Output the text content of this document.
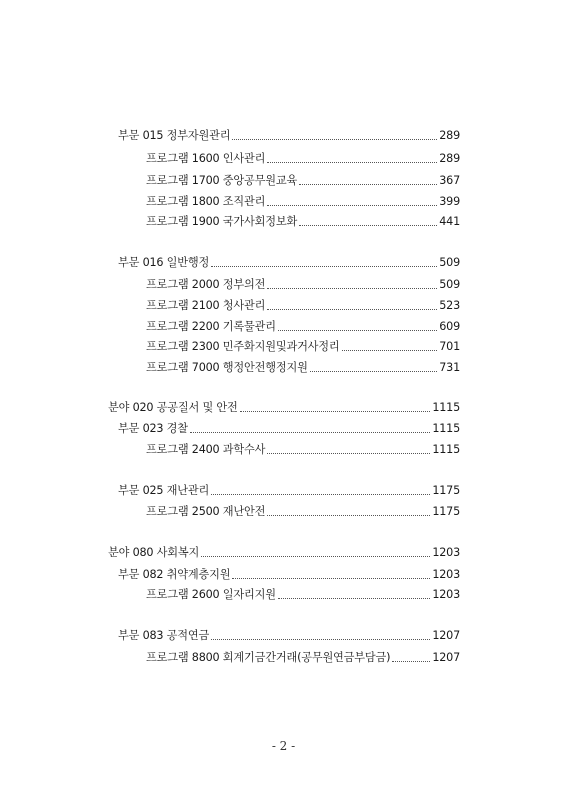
부문 015 정부자원관리	289
프로그램 1600 인사관리	289
프로그램 1700 중앙공무원교육	367
프로그램 1800 조직관리	399
프로그램 1900 국가사회정보화	441
부문 016 일반행정	509
프로그램 2000 정부의전	509
프로그램 2100 청사관리	523
프로그램 2200 기록물관리	609
프로그램 2300 민주화지원및과거사정리	701
프로그램 7000 행정안전행정지원	731
분야 020 공공질서 및 안전	1115
부문 023 경찰	1115
프로그램 2400 과학수사	1115
부문 025 재난관리	1175
프로그램 2500 재난안전	1175
분야 080 사회복지	1203
부문 082 취약계층지원	1203
프로그램 2600 일자리지원	1203
부문 083 공적연금	1207
프로그램 8800 회계기금간거래(공무원연금부담금)	1207
- 2 -
